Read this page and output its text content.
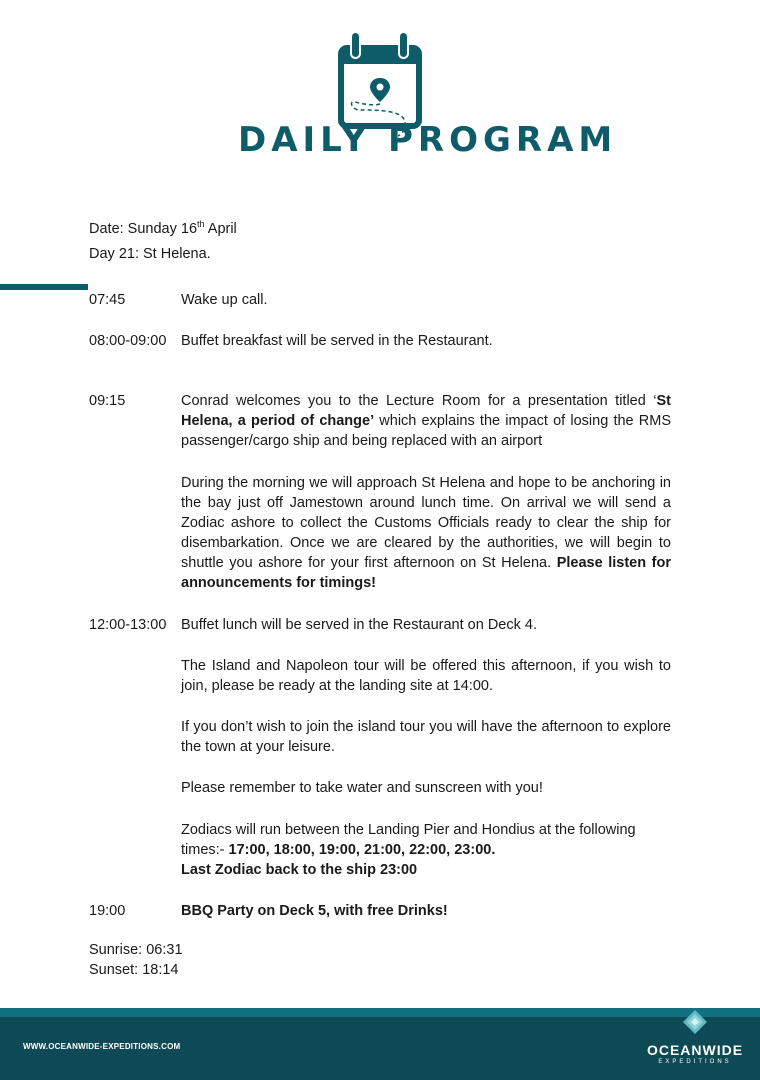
DAILY PROGRAM
Date: Sunday 16th April
Day 21: St Helena.
07:45	Wake up call.
08:00-09:00	Buffet breakfast will be served in the Restaurant.
09:15	Conrad welcomes you to the Lecture Room for a presentation titled ‘St Helena, a period of change’ which explains the impact of losing the RMS passenger/cargo ship and being replaced with an airport
During the morning we will approach St Helena and hope to be anchoring in the bay just off Jamestown around lunch time. On arrival we will send a Zodiac ashore to collect the Customs Officials ready to clear the ship for disembarkation. Once we are cleared by the authorities, we will begin to shuttle you ashore for your first afternoon on St Helena. Please listen for announcements for timings!
12:00-13:00	Buffet lunch will be served in the Restaurant on Deck 4.
The Island and Napoleon tour will be offered this afternoon, if you wish to join, please be ready at the landing site at 14:00.
If you don’t wish to join the island tour you will have the afternoon to explore the town at your leisure.
Please remember to take water and sunscreen with you!
Zodiacs will run between the Landing Pier and Hondius at the following times:- 17:00, 18:00, 19:00, 21:00, 22:00, 23:00.
Last Zodiac back to the ship 23:00
19:00	BBQ Party on Deck 5, with free Drinks!
Sunrise: 06:31
Sunset: 18:14
WWW.OCEANWIDE-EXPEDITIONS.COM	OCEANWIDE
EXPEDITIONS
